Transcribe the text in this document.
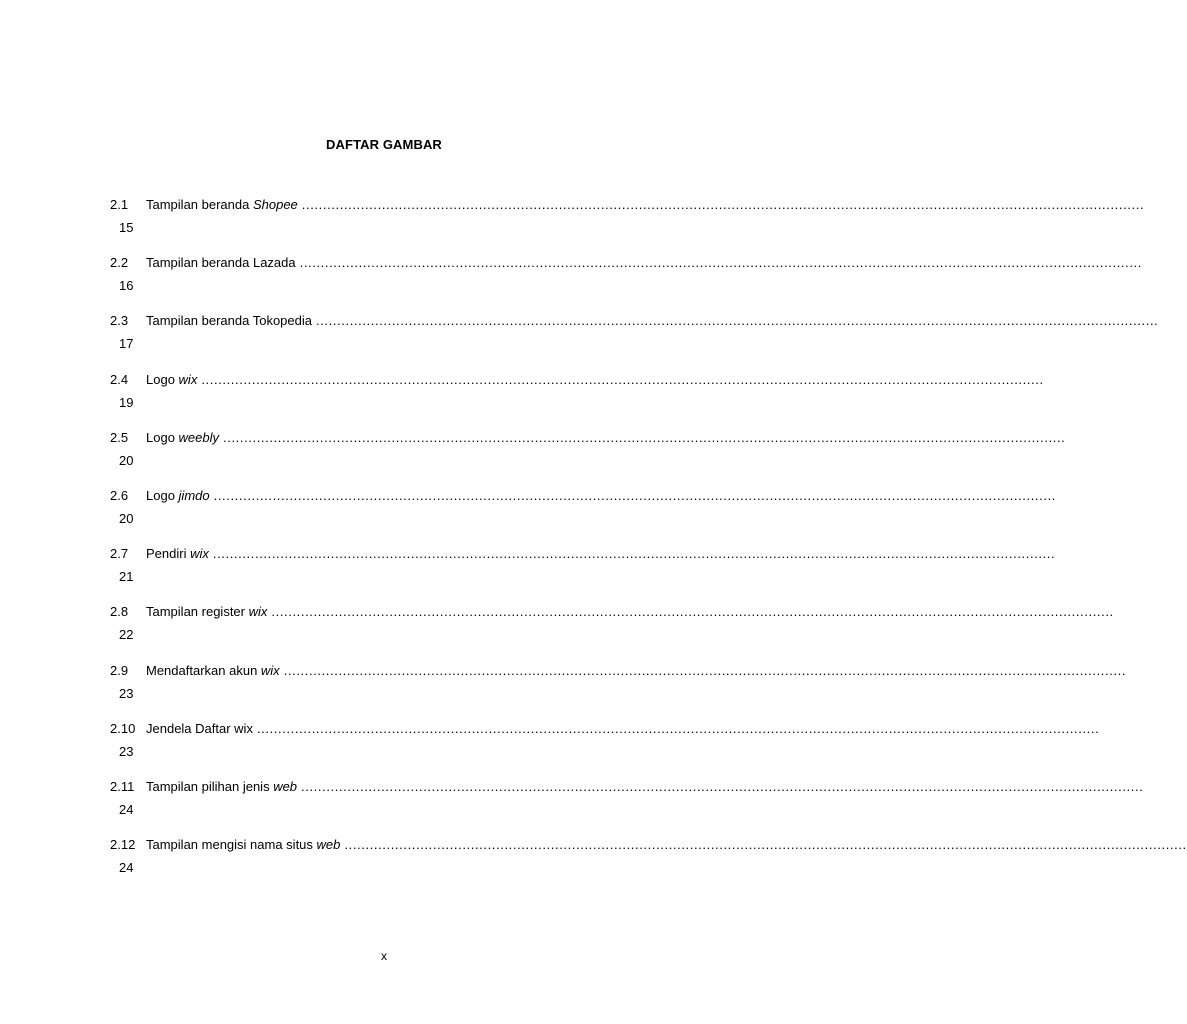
DAFTAR GAMBAR
2.1	Tampilan beranda Shopee ........................................................................................................................................................................................................
15
2.2	Tampilan beranda Lazada ........................................................................................................................................................................................................
16
2.3	Tampilan beranda Tokopedia ........................................................................................................................................................................................................
17
2.4	Logo wix ........................................................................................................................................................................................................
19
2.5	Logo weebly ........................................................................................................................................................................................................
20
2.6	Logo jimdo ........................................................................................................................................................................................................
20
2.7	Pendiri wix ........................................................................................................................................................................................................
21
2.8	Tampilan register wix ........................................................................................................................................................................................................
22
2.9	Mendaftarkan akun wix ........................................................................................................................................................................................................
23
2.10 Jendela Daftar wix ........................................................................................................................................................................................................
23
2.11 Tampilan pilihan jenis web ........................................................................................................................................................................................................
24
2.12 Tampilan mengisi nama situs web ........................................................................................................................................................................................................
24
x
